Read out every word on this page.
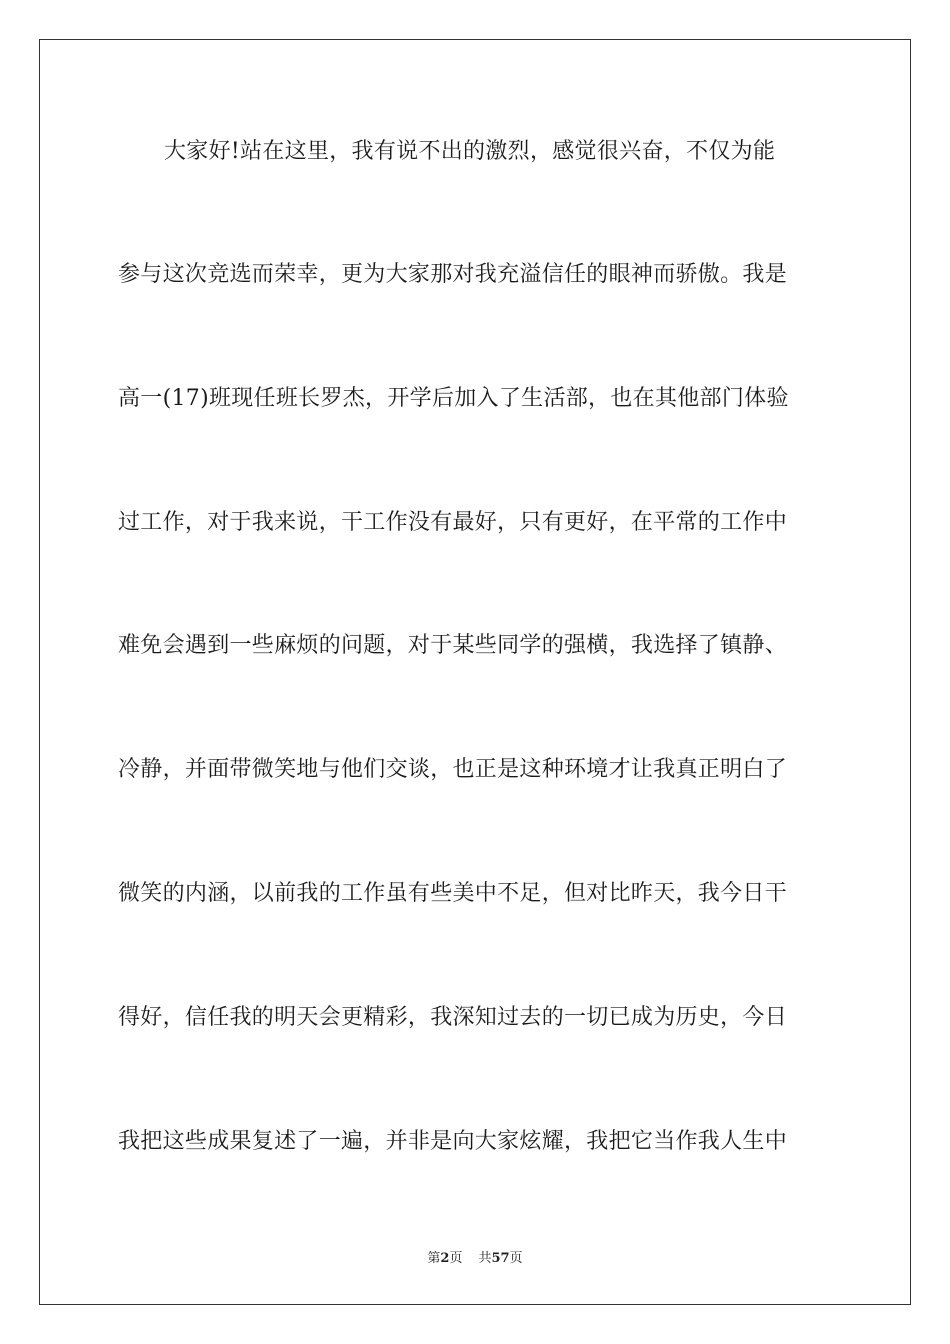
大家好!站在这里，我有说不出的激烈，感觉很兴奋，不仅为能
参与这次竞选而荣幸，更为大家那对我充溢信任的眼神而骄傲。我是
高一(17)班现任班长罗杰，开学后加入了生活部，也在其他部门体验
过工作，对于我来说，干工作没有最好，只有更好，在平常的工作中
难免会遇到一些麻烦的问题，对于某些同学的强横，我选择了镇静、
冷静，并面带微笑地与他们交谈，也正是这种环境才让我真正明白了
微笑的内涵，以前我的工作虽有些美中不足，但对比昨天，我今日干
得好，信任我的明天会更精彩，我深知过去的一切已成为历史，今日
我把这些成果复述了一遍，并非是向大家炫耀，我把它当作我人生中
第2页 共57页
